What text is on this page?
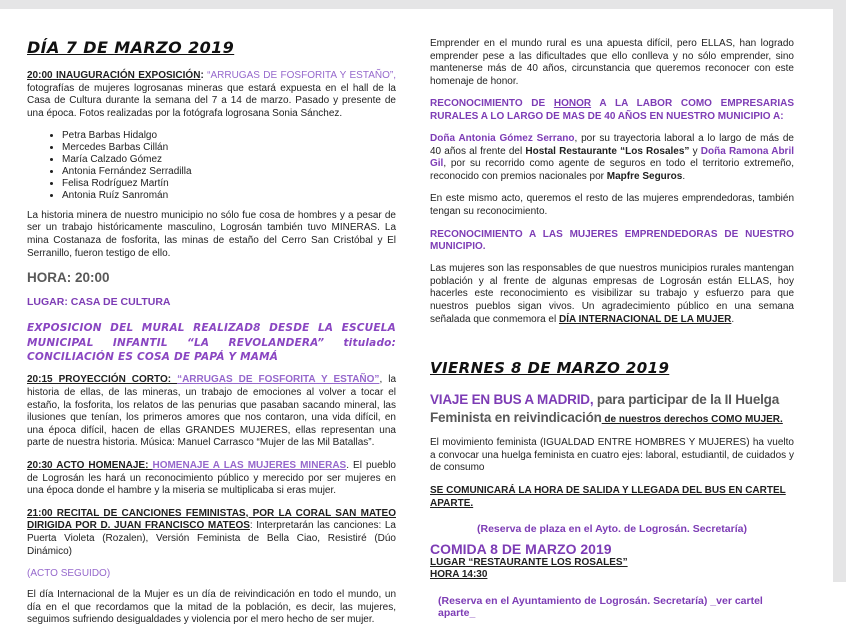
DÍA 7 DE MARZO 2019

20:00 INAUGURACIÓN EXPOSICIÓN: “ARRUGAS DE FOSFORITA Y ESTAÑO”, fotografías de mujeres logrosanas mineras que estará expuesta en el hall de la Casa de Cultura durante la semana del 7 a 14 de marzo. Pasado y presente de una época. Fotos realizadas por la fotógrafa logrosana Sonia Sánchez.

• Petra Barbas Hidalgo
• Mercedes Barbas Cillán
• María Calzado Gómez
• Antonia Fernández Serradilla
• Felisa Rodríguez Martín
• Antonia Ruíz Sanromán

La historia minera de nuestro municipio no sólo fue cosa de hombres y a pesar de ser un trabajo históricamente masculino, Logrosán también tuvo MINERAS. La mina Costanaza de fosforita, las minas de estaño del Cerro San Cristóbal y El Serranillo, fueron testigo de ello.

HORA: 20:00
LUGAR: CASA DE CULTURA

EXPOSICION DEL MURAL REALIZAD8 DESDE LA ESCUELA MUNICIPAL INFANTIL “LA REVOLANDERA” titulado: CONCILIACIÓN ES COSA DE PAPÁ Y MAMÁ

20:15 PROYECCIÓN CORTO: “ARRUGAS DE FOSFORITA Y ESTAÑO”, la historia de ellas, de las mineras, un trabajo de emociones al volver a tocar el estaño, la fosforita, los relatos de las penurias que pasaban sacando mineral, las ilusiones que tenían, los primeros amores que nos contaron, una vida difícil, en una época difícil, hacen de ellas GRANDES MUJERES, ellas representan una parte de nuestra historia. Música: Manuel Carrasco “Mujer de las Mil Batallas”.

20:30 ACTO HOMENAJE: HOMENAJE A LAS MUJERES MINERAS. El pueblo de Logrosán les hará un reconocimiento público y merecido por ser mujeres en una época donde el hambre y la miseria se multiplicaba si eras mujer.

21:00 RECITAL DE CANCIONES FEMINISTAS, POR LA CORAL SAN MATEO DIRIGIDA POR D. JUAN FRANCISCO MATEOS: Interpretarán las canciones: La Puerta Violeta (Rozalen), Versión Feminista de Bella Ciao, Resistiré (Dúo Dinámico)

(ACTO SEGUIDO)

El día Internacional de la Mujer es un día de reivindicación en todo el mundo, un día en el que recordamos que la mitad de la población, es decir, las mujeres, seguimos sufriendo desigualdades y violencia por el mero hecho de ser mujer.

Emprender en el mundo rural es una apuesta difícil, pero ELLAS, han logrado emprender pese a las dificultades que ello conlleva y no sólo emprender, sino mantenerse más de 40 años, circunstancia que queremos reconocer con este homenaje de honor.

RECONOCIMIENTO DE HONOR A LA LABOR COMO EMPRESARIAS RURALES A LO LARGO DE MAS DE 40 AÑOS EN NUESTRO MUNICIPIO A:

Doña Antonia Gómez Serrano, por su trayectoria laboral a lo largo de más de 40 años al frente del Hostal Restaurante “Los Rosales” y Doña Ramona Abril Gil, por su recorrido como agente de seguros en todo el territorio extremeño, reconocido con premios nacionales por Mapfre Seguros.

En este mismo acto, queremos el resto de las mujeres emprendedoras, también tengan su reconocimiento.

RECONOCIMIENTO A LAS MUJERES EMPRENDEDORAS DE NUESTRO MUNICIPIO.

Las mujeres son las responsables de que nuestros municipios rurales mantengan población y al frente de algunas empresas de Logrosán están ELLAS, hoy hacerles este reconocimiento es visibilizar su trabajo y esfuerzo para que nuestros pueblos sigan vivos. Un agradecimiento público en una semana señalada que conmemora el DÍA INTERNACIONAL DE LA MUJER.

VIERNES 8 DE MARZO 2019

VIAJE EN BUS A MADRID, para participar de la II Huelga Feminista en reivindicación de nuestros derechos COMO MUJER.

El movimiento feminista (IGUALDAD ENTRE HOMBRES Y MUJERES) ha vuelto a convocar una huelga feminista en cuatro ejes: laboral, estudiantil, de cuidados y de consumo

SE COMUNICARÁ LA HORA DE SALIDA Y LLEGADA DEL BUS EN CARTEL APARTE.

(Reserva de plaza en el Ayto. de Logrosán. Secretaría)

COMIDA 8 DE MARZO 2019
LUGAR “RESTAURANTE LOS ROSALES”
HORA 14:30

(Reserva en el Ayuntamiento de Logrosán. Secretaría) _ver cartel aparte_
